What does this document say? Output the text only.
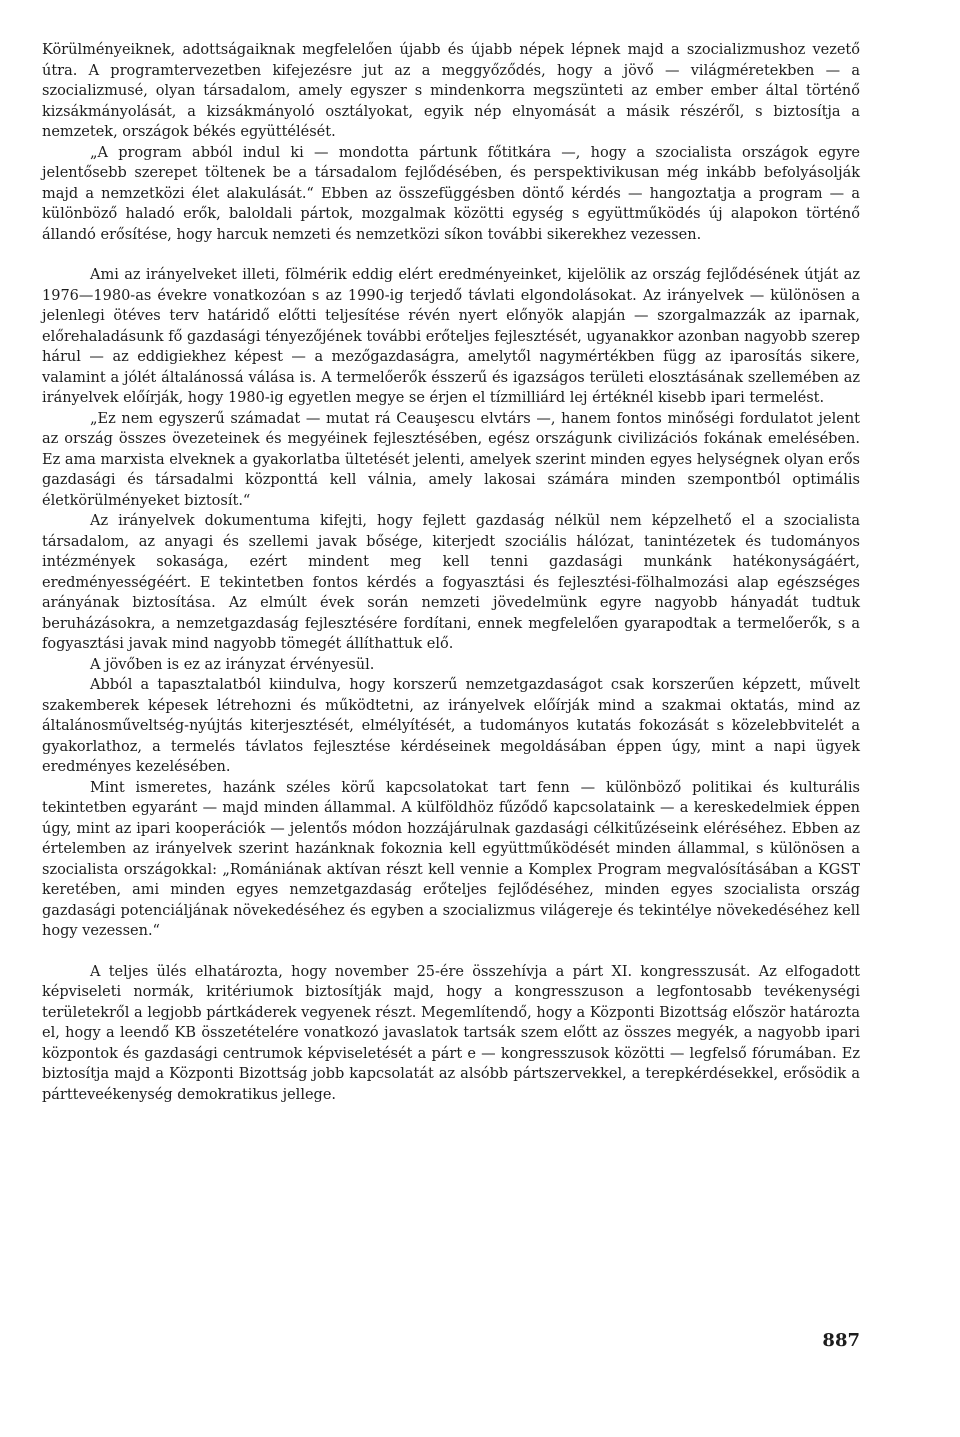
Körülményeiknek, adottságaiknak megfelelően újabb és újabb népek lépnek majd a szocializmushoz vezető útra. A programtervezetben kifejezésre jut az a meggyőződés, hogy a jövő — világméretekben — a szocializmusé, olyan társadalom, amely egyszer s mindenkorra megszünteti az ember ember által történő kizsákmányolását, a kizsákmányoló osztályokat, egyik nép elnyomását a másik részéről, s biztosítja a nemzetek, országok békés együttélését.

„A program abból indul ki — mondotta pártunk főtitkára —, hogy a szocialista országok egyre jelentősebb szerepet töltenek be a társadalom fejlődésében, és perspektivikusan még inkább befolyásolják majd a nemzetközi élet alakulását.“ Ebben az összefüggésben döntő kérdés — hangoztatja a program — a különböző haladó erők, baloldali pártok, mozgalmak közötti egység s együttműködés új alapokon történő állandó erősítése, hogy harcuk nemzeti és nemzetközi síkon további sikerekhez vezessen.

Ami az irányelveket illeti, fölmérik eddig elért eredményeinket, kijelölik az ország fejlődésének útját az 1976—1980-as évekre vonatkozóan s az 1990-ig terjedő távlati elgondolásokat. Az irányelvek — különösen a jelenlegi ötéves terv határidő előtti teljesítése révén nyert előnyök alapján — szorgalmazzák az iparnak, előrehaladásunk fő gazdasági tényezőjének további erőteljes fejlesztését, ugyanakkor azonban nagyobb szerep hárul — az eddigiekhez képest — a mezőgazdaságra, amelytől nagymértékben függ az iparosítás sikere, valamint a jólét általánossá válása is. A termelőerők ésszerű és igazságos területi elosztásának szellemében az irányelvek előírják, hogy 1980-ig egyetlen megye se érjen el tízmilliárd lej értéknél kisebb ipari termelést.

„Ez nem egyszerű számadat — mutat rá Ceauşescu elvtárs —, hanem fontos minőségi fordulatot jelent az ország összes övezeteinek és megyéinek fejlesztésében, egész országunk civilizációs fokának emelésében. Ez ama marxista elveknek a gyakorlatba ültetését jelenti, amelyek szerint minden egyes helységnek olyan erős gazdasági és társadalmi központtá kell válnia, amely lakosai számára minden szempontból optimális életkörülményeket biztosít.“

Az irányelvek dokumentuma kifejti, hogy fejlett gazdaság nélkül nem képzelhető el a szocialista társadalom, az anyagi és szellemi javak bősége, kiterjedt szociális hálózat, tanintézetek és tudományos intézmények sokasága, ezért mindent meg kell tenni gazdasági munkánk hatékonyságáért, eredményességéért. E tekintetben fontos kérdés a fogyasztási és fejlesztési-fölhalmozási alap egészséges arányának biztosítása. Az elmúlt évek során nemzeti jövedelmünk egyre nagyobb hányadát tudtuk beruházásokra, a nemzetgazdaság fejlesztésére fordítani, ennek megfelelően gyarapodtak a termelőerők, s a fogyasztási javak mind nagyobb tömegét állíthattuk elő.

A jövőben is ez az irányzat érvényesül.

Abból a tapasztalatból kiindulva, hogy korszerű nemzetgazdaságot csak korszerűen képzett, művelt szakemberek képesek létrehozni és működtetni, az irányelvek előírják mind a szakmai oktatás, mind az általánosműveltség-nyújtás kiterjesztését, elmélyítését, a tudományos kutatás fokozását s közelebbvitelét a gyakorlathoz, a termelés távlatos fejlesztése kérdéseinek megoldásában éppen úgy, mint a napi ügyek eredményes kezelésében.

Mint ismeretes, hazánk széles körű kapcsolatokat tart fenn — különböző politikai és kulturális tekintetben egyaránt — majd minden állammal. A külföldhöz fűződő kapcsolataink — a kereskedelmiek éppen úgy, mint az ipari kooperációk — jelentős módon hozzájárulnak gazdasági célkitűzéseink eléréséhez. Ebben az értelemben az irányelvek szerint hazánknak fokoznia kell együttműködését minden állammal, s különösen a szocialista országokkal: „Romániának aktívan részt kell vennie a Komplex Program megvalósításában a KGST keretében, ami minden egyes nemzetgazdaság erőteljes fejlődéséhez, minden egyes szocialista ország gazdasági potenciáljának növekedéséhez és egyben a szocializmus világereje és tekintélye növekedéséhez kell hogy vezessen.“

A teljes ülés elhatározta, hogy november 25-ére összehívja a párt XI. kongresszusát. Az elfogadott képviseleti normák, kritériumok biztosítják majd, hogy a kongresszuson a legfontosabb tevékenységi területekről a legjobb pártkáderek vegyenek részt. Megemlítendő, hogy a Központi Bizottság először határozta el, hogy a leendő KB összetételére vonatkozó javaslatok tartsák szem előtt az összes megyék, a nagyobb ipari központok és gazdasági centrumok képviseletését a párt e — kongresszusok közötti — legfelső fórumában. Ez biztosítja majd a Központi Bizottság jobb kapcsolatát az alsóbb pártszervekkel, a terepkérdésekkel, erősödik a pártteveékenység demokratikus jellege.

887
